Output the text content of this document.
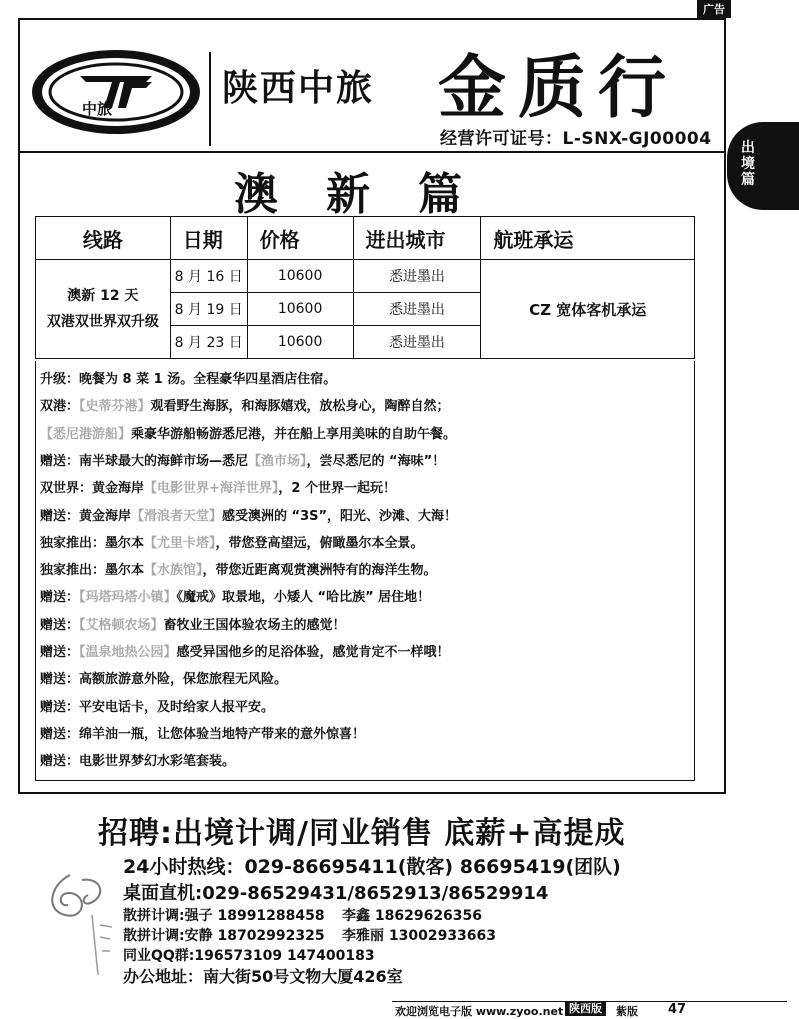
广告
中旅	陕西中旅 金质行
经营许可证号：L-SNX-GJ00004 出境篇
澳新篇
线路	日期	价格	进出城市	航班承运

澳新 12 天
双港双世界双升级	8 月 16 日	10600	悉进墨出	CZ 宽体客机承运
	8 月 19 日	10600	悉进墨出	
	8 月 23 日	10600	悉进墨出	
升级：晚餐为 8 菜 1 汤。全程豪华四星酒店住宿。
双港：【史蒂芬港】观看野生海豚，和海豚嬉戏，放松身心，陶醉自然；
【悉尼港游船】乘豪华游船畅游悉尼港，并在船上享用美味的自助午餐。
赠送：南半球最大的海鲜市场—悉尼【渔市场】，尝尽悉尼的 “海味”！
双世界：黄金海岸【电影世界+海洋世界】，2 个世界一起玩！
赠送：黄金海岸【滑浪者天堂】感受澳洲的 “3S”，阳光、沙滩、大海！
独家推出：墨尔本【尤里卡塔】，带您登高望远，俯瞰墨尔本全景。
独家推出：墨尔本【水族馆】，带您近距离观赏澳洲特有的海洋生物。
赠送：【玛塔玛塔小镇】《魔戒》取景地，小矮人 “哈比族” 居住地！
赠送：【艾格顿农场】畜牧业王国体验农场主的感觉！
赠送：【温泉地热公园】感受异国他乡的足浴体验，感觉肯定不一样哦！
赠送：高额旅游意外险，保您旅程无风险。
赠送：平安电话卡，及时给家人报平安。
赠送：绵羊油一瓶，让您体验当地特产带来的意外惊喜！
赠送：电影世界梦幻水彩笔套装。
招聘:出境计调/同业销售 底薪+高提成
24小时热线：029-86695411(散客) 86695419(团队)
桌面直机:029-86529431/8652913/86529914
散拼计调:强子 18991288458 李鑫 18629626356
散拼计调:安静 18702992325 李雅丽 13002933663
同业QQ群:196573109 147400183
办公地址：南大街50号文物大厦426室
欢迎浏览电子版 www.zyoo.net 陕西版	紫版 47
